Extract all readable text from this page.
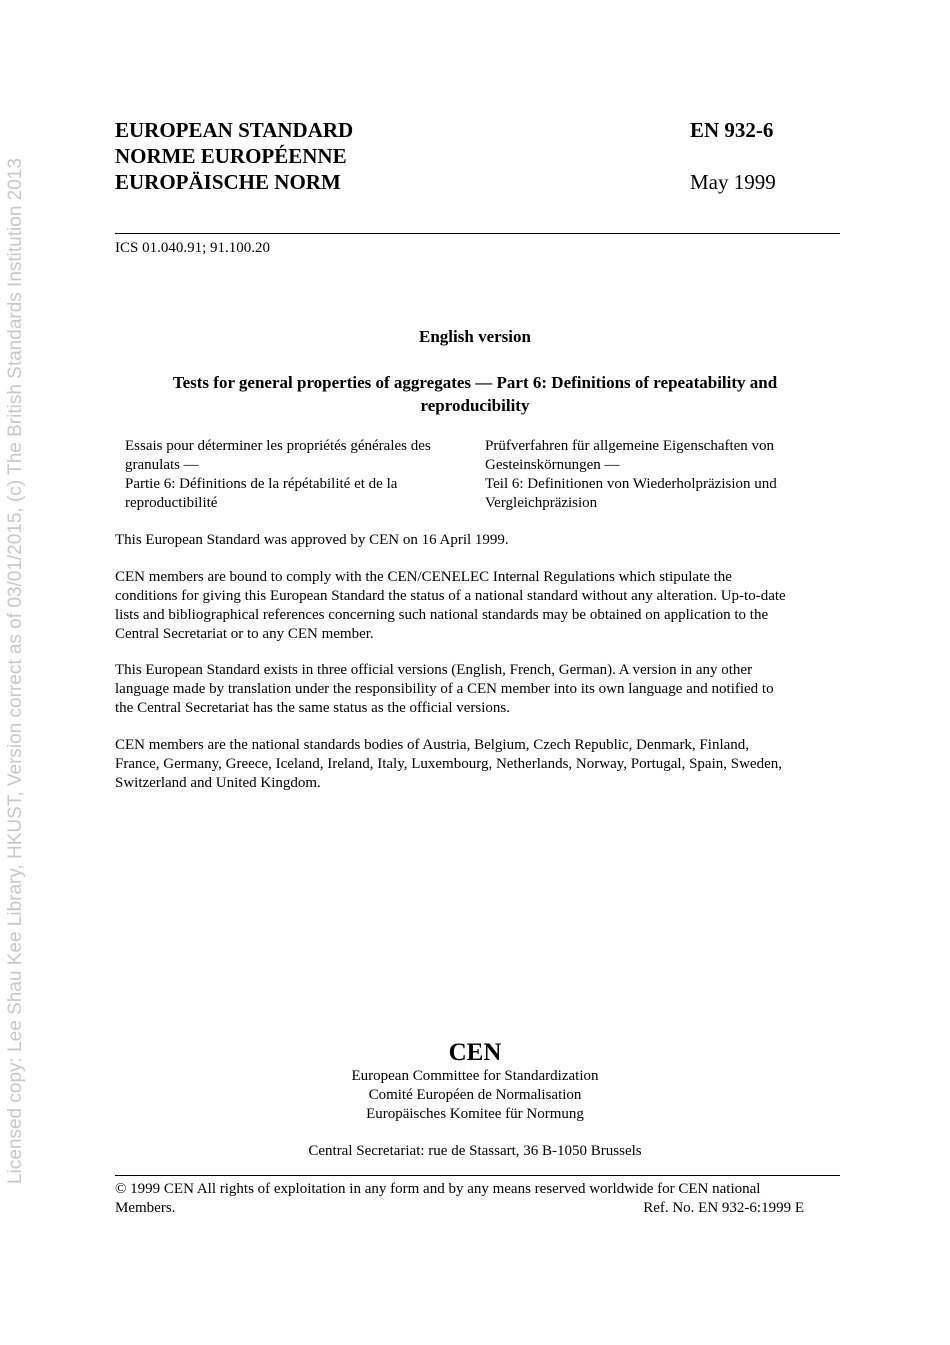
Licensed copy: Lee Shau Kee Library, HKUST, Version correct as of 03/01/2015, (c) The British Standards Institution 2013
EUROPEAN STANDARD
NORME EUROPÉENNE
EUROPÄISCHE NORM
EN 932-6
May 1999
ICS 01.040.91; 91.100.20
English version
Tests for general properties of aggregates — Part 6: Definitions of repeatability and
reproducibility
Essais pour déterminer les propriétés générales des
granulats —
Partie 6: Définitions de la répétabilité et de la
reproductibilité
Prüfverfahren für allgemeine Eigenschaften von
Gesteinskörnungen —
Teil 6: Definitionen von Wiederholpräzision und
Vergleichpräzision
This European Standard was approved by CEN on 16 April 1999.
CEN members are bound to comply with the CEN/CENELEC Internal Regulations which stipulate the
conditions for giving this European Standard the status of a national standard without any alteration. Up-to-date
lists and bibliographical references concerning such national standards may be obtained on application to the
Central Secretariat or to any CEN member.
This European Standard exists in three official versions (English, French, German). A version in any other
language made by translation under the responsibility of a CEN member into its own language and notified to
the Central Secretariat has the same status as the official versions.
CEN members are the national standards bodies of Austria, Belgium, Czech Republic, Denmark, Finland,
France, Germany, Greece, Iceland, Ireland, Italy, Luxembourg, Netherlands, Norway, Portugal, Spain, Sweden,
Switzerland and United Kingdom.
CEN
European Committee for Standardization
Comité Européen de Normalisation
Europäisches Komitee für Normung
Central Secretariat: rue de Stassart, 36 B-1050 Brussels
© 1999 CEN All rights of exploitation in any form and by any means reserved worldwide for CEN national
Members.	Ref. No. EN 932-6:1999 E
